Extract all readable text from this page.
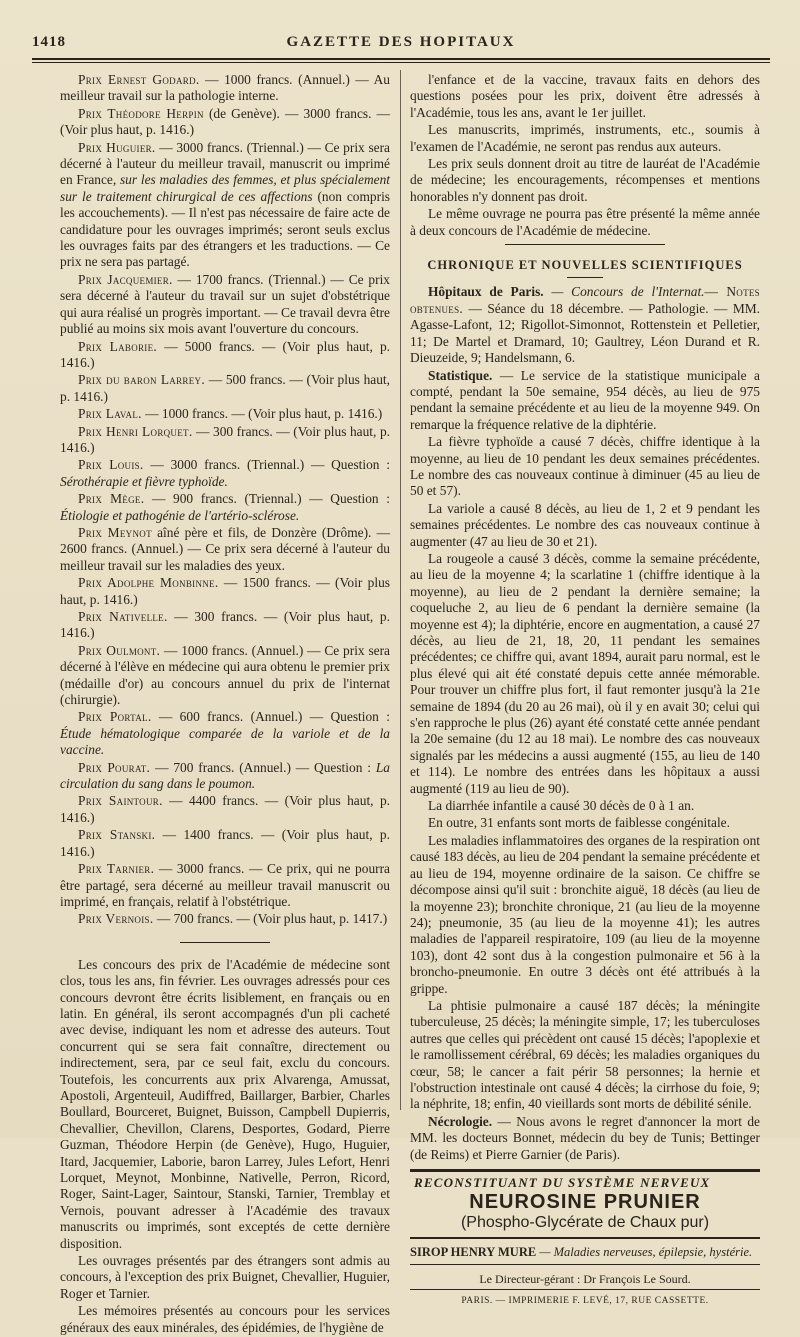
1418	GAZETTE DES HOPITAUX

Prix Ernest Godard. — 1000 francs. (Annuel.) — Au meilleur travail sur la pathologie interne.

Prix Théodore Herpin (de Genève). — 3000 francs. — (Voir plus haut, p. 1416.)

Prix Huguier. — 3000 francs. (Triennal.) — Ce prix sera décerné à l'auteur du meilleur travail, manuscrit ou imprimé en France, sur les maladies des femmes, et plus spécialement sur le traitement chirurgical de ces affections (non compris les accouchements). — Il n'est pas nécessaire de faire acte de candidature pour les ouvrages imprimés; seront seuls exclus les ouvrages faits par des étrangers et les traductions. — Ce prix ne sera pas partagé.

Prix Jacquemier. — 1700 francs. (Triennal.) — Ce prix sera décerné à l'auteur du travail sur un sujet d'obstétrique qui aura réalisé un progrès important. — Ce travail devra être publié au moins six mois avant l'ouverture du concours.

Prix Laborie. — 5000 francs. — (Voir plus haut, p. 1416.)

Prix du baron Larrey. — 500 francs. — (Voir plus haut, p. 1416.)

Prix Laval. — 1000 francs. — (Voir plus haut, p. 1416.)

Prix Henri Lorquet. — 300 francs. — (Voir plus haut, p. 1416.)

Prix Louis. — 3000 francs. (Triennal.) — Question : Sérothérapie et fièvre typhoïde.

Prix Mège. — 900 francs. (Triennal.) — Question : Étiologie et pathogénie de l'artério-sclérose.

Prix Meynot aîné père et fils, de Donzère (Drôme). — 2600 francs. (Annuel.) — Ce prix sera décerné à l'auteur du meilleur travail sur les maladies des yeux.

Prix Adolphe Monbinne. — 1500 francs. — (Voir plus haut, p. 1416.)

Prix Nativelle. — 300 francs. — (Voir plus haut, p. 1416.)

Prix Oulmont. — 1000 francs. (Annuel.) — Ce prix sera décerné à l'élève en médecine qui aura obtenu le premier prix (médaille d'or) au concours annuel du prix de l'internat (chirurgie).

Prix Portal. — 600 francs. (Annuel.) — Question : Étude hématologique comparée de la variole et de la vaccine.

Prix Pourat. — 700 francs. (Annuel.) — Question : La circulation du sang dans le poumon.

Prix Saintour. — 4400 francs. — (Voir plus haut, p. 1416.)

Prix Stanski. — 1400 francs. — (Voir plus haut, p. 1416.)

Prix Tarnier. — 3000 francs. — Ce prix, qui ne pourra être partagé, sera décerné au meilleur travail manuscrit ou imprimé, en français, relatif à l'obstétrique.

Prix Vernois. — 700 francs. — (Voir plus haut, p. 1417.)

Les concours des prix de l'Académie de médecine sont clos, tous les ans, fin février. Les ouvrages adressés pour ces concours devront être écrits lisiblement, en français ou en latin. En général, ils seront accompagnés d'un pli cacheté avec devise, indiquant les nom et adresse des auteurs. Tout concurrent qui se sera fait connaître, directement ou indirectement, sera, par ce seul fait, exclu du concours. Toutefois, les concurrents aux prix Alvarenga, Amussat, Apostoli, Argenteuil, Audiffred, Baillarger, Barbier, Charles Boullard, Bourceret, Buignet, Buisson, Campbell Dupierris, Chevallier, Chevillon, Clarens, Desportes, Godard, Pierre Guzman, Théodore Herpin (de Genève), Hugo, Huguier, Itard, Jacquemier, Laborie, baron Larrey, Jules Lefort, Henri Lorquet, Meynot, Monbinne, Nativelle, Perron, Ricord, Roger, Saint-Lager, Saintour, Stanski, Tarnier, Tremblay et Vernois, pouvant adresser à l'Académie des travaux manuscrits ou imprimés, sont exceptés de cette dernière disposition.

Les ouvrages présentés par des étrangers sont admis au concours, à l'exception des prix Buignet, Chevallier, Huguier, Roger et Tarnier.

Les mémoires présentés au concours pour les services généraux des eaux minérales, des épidémies, de l'hygiène de

l'enfance et de la vaccine, travaux faits en dehors des questions posées pour les prix, doivent être adressés à l'Académie, tous les ans, avant le 1er juillet.

Les manuscrits, imprimés, instruments, etc., soumis à l'examen de l'Académie, ne seront pas rendus aux auteurs.

Les prix seuls donnent droit au titre de lauréat de l'Académie de médecine; les encouragements, récompenses et mentions honorables n'y donnent pas droit.

Le même ouvrage ne pourra pas être présenté la même année à deux concours de l'Académie de médecine.

CHRONIQUE ET NOUVELLES SCIENTIFIQUES

Hôpitaux de Paris. — Concours de l'Internat.— Notes obtenues. — Séance du 18 décembre. — Pathologie. — MM. Agasse-Lafont, 12; Rigollot-Simonnot, Rottenstein et Pelletier, 11; De Martel et Dramard, 10; Gaultrey, Léon Durand et R. Dieuzeide, 9; Handelsmann, 6.

Statistique. — Le service de la statistique municipale a compté, pendant la 50e semaine, 954 décès, au lieu de 975 pendant la semaine précédente et au lieu de la moyenne 949. On remarque la fréquence relative de la diphtérie.

La fièvre typhoïde a causé 7 décès, chiffre identique à la moyenne, au lieu de 10 pendant les deux semaines précédentes. Le nombre des cas nouveaux continue à diminuer (45 au lieu de 50 et 57).

La variole a causé 8 décès, au lieu de 1, 2 et 9 pendant les semaines précédentes. Le nombre des cas nouveaux continue à augmenter (47 au lieu de 30 et 21).

La rougeole a causé 3 décès, comme la semaine précédente, au lieu de la moyenne 4; la scarlatine 1 (chiffre identique à la moyenne), au lieu de 2 pendant la dernière semaine; la coqueluche 2, au lieu de 6 pendant la dernière semaine (la moyenne est 4); la diphtérie, encore en augmentation, a causé 27 décès, au lieu de 21, 18, 20, 11 pendant les semaines précédentes; ce chiffre qui, avant 1894, aurait paru normal, est le plus élevé qui ait été constaté depuis cette année mémorable. Pour trouver un chiffre plus fort, il faut remonter jusqu'à la 21e semaine de 1894 (du 20 au 26 mai), où il y en avait 30; celui qui s'en rapproche le plus (26) ayant été constaté cette année pendant la 20e semaine (du 12 au 18 mai). Le nombre des cas nouveaux signalés par les médecins a aussi augmenté (155, au lieu de 140 et 114). Le nombre des entrées dans les hôpitaux a aussi augmenté (119 au lieu de 90).

La diarrhée infantile a causé 30 décès de 0 à 1 an.

En outre, 31 enfants sont morts de faiblesse congénitale.

Les maladies inflammatoires des organes de la respiration ont causé 183 décès, au lieu de 204 pendant la semaine précédente et au lieu de 194, moyenne ordinaire de la saison. Ce chiffre se décompose ainsi qu'il suit : bronchite aiguë, 18 décès (au lieu de la moyenne 23); bronchite chronique, 21 (au lieu de la moyenne 24); pneumonie, 35 (au lieu de la moyenne 41); les autres maladies de l'appareil respiratoire, 109 (au lieu de la moyenne 103), dont 42 sont dus à la congestion pulmonaire et 56 à la broncho-pneumonie. En outre 3 décès ont été attribués à la grippe.

La phtisie pulmonaire a causé 187 décès; la méningite tuberculeuse, 25 décès; la méningite simple, 17; les tuberculoses autres que celles qui précèdent ont causé 15 décès; l'apoplexie et le ramollissement cérébral, 69 décès; les maladies organiques du cœur, 58; le cancer a fait périr 58 personnes; la hernie et l'obstruction intestinale ont causé 4 décès; la cirrhose du foie, 9; la néphrite, 18; enfin, 40 vieillards sont morts de débilité sénile.

Nécrologie. — Nous avons le regret d'annoncer la mort de MM. les docteurs Bonnet, médecin du bey de Tunis; Bettinger (de Reims) et Pierre Garnier (de Paris).

RECONSTITUANT DU SYSTÈME NERVEUX
NEUROSINE PRUNIER
(Phospho-Glycérate de Chaux pur)
SIROP HENRY MURE — Maladies nerveuses, épilepsie, hystérie.
Le Directeur-gérant : Dr François Le Sourd.
PARIS. — IMPRIMERIE F. LEVÉ, 17, RUE CASSETTE.
